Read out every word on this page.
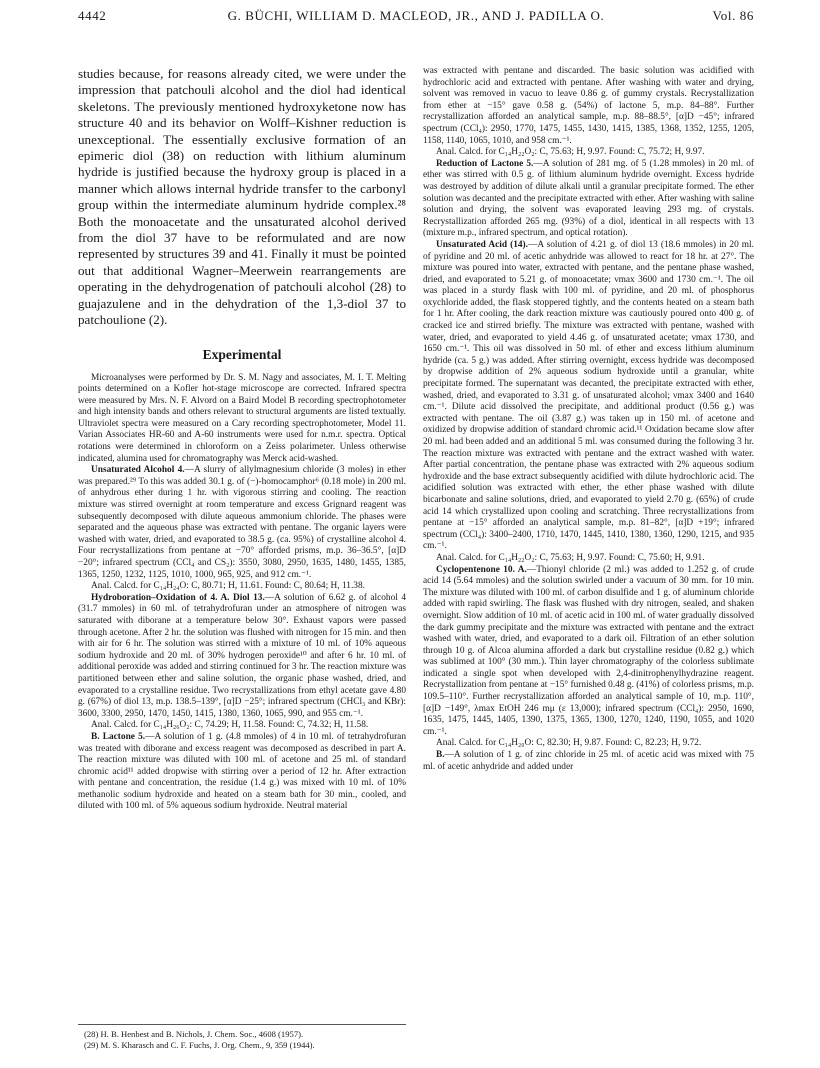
4442	G. BÜCHI, WILLIAM D. MACLEOD, JR., AND J. PADILLA O.	Vol. 86

studies because, for reasons already cited, we were under the impression that patchouli alcohol and the diol had identical skeletons. The previously mentioned hydroxyketone now has structure 40 and its behavior on Wolff–Kishner reduction is unexceptional. The essentially exclusive formation of an epimeric diol (38) on reduction with lithium aluminum hydride is justified because the hydroxy group is placed in a manner which allows internal hydride transfer to the carbonyl group within the intermediate aluminum hydride complex.²⁸ Both the monoacetate and the unsaturated alcohol derived from the diol 37 have to be reformulated and are now represented by structures 39 and 41. Finally it must be pointed out that additional Wagner–Meerwein rearrangements are operating in the dehydrogenation of patchouli alcohol (28) to guajazulene and in the dehydration of the 1,3-diol 37 to patchoulione (2).

Experimental

Microanalyses were performed by Dr. S. M. Nagy and associates, M. I. T. Melting points determined on a Kofler hot-stage microscope are corrected. Infrared spectra were measured by Mrs. N. F. Alvord on a Baird Model B recording spectrophotometer and high intensity bands and others relevant to structural arguments are listed textually. Ultraviolet spectra were measured on a Cary recording spectrophotometer, Model 11. Varian Associates HR-60 and A-60 instruments were used for n.m.r. spectra. Optical rotations were determined in chloroform on a Zeiss polarimeter. Unless otherwise indicated, alumina used for chromatography was Merck acid-washed.

Unsaturated Alcohol 4.—A slurry of allylmagnesium chloride (3 moles) in ether was prepared.²⁹ To this was added 30.1 g. of (−)-homocamphor⁶ (0.18 mole) in 200 ml. of anhydrous ether during 1 hr. with vigorous stirring and cooling. The reaction mixture was stirred overnight at room temperature and excess Grignard reagent was subsequently decomposed with dilute aqueous ammonium chloride. The phases were separated and the aqueous phase was extracted with pentane. The organic layers were washed with water, dried, and evaporated to 38.5 g. (ca. 95%) of crystalline alcohol 4. Four recrystallizations from pentane at −70° afforded prisms, m.p. 36–36.5°, [α]D −20°; infrared spectrum (CCl₄ and CS₂): 3550, 3080, 2950, 1635, 1480, 1455, 1385, 1365, 1250, 1232, 1125, 1010, 1000, 965, 925, and 912 cm.⁻¹.

Anal. Calcd. for C₁₄H₂₄O: C, 80.71; H, 11.61. Found: C, 80.64; H, 11.38.

Hydroboration–Oxidation of 4. A. Diol 13.—A solution of 6.62 g. of alcohol 4 (31.7 mmoles) in 60 ml. of tetrahydrofuran under an atmosphere of nitrogen was saturated with diborane at a temperature below 30°. Exhaust vapors were passed through acetone. After 2 hr. the solution was flushed with nitrogen for 15 min. and then with air for 6 hr. The solution was stirred with a mixture of 10 ml. of 10% aqueous sodium hydroxide and 20 ml. of 30% hydrogen peroxide¹⁰ and after 6 hr. 10 ml. of additional peroxide was added and stirring continued for 3 hr. The reaction mixture was partitioned between ether and saline solution, the organic phase washed, dried, and evaporated to a crystalline residue. Two recrystallizations from ethyl acetate gave 4.80 g. (67%) of diol 13, m.p. 138.5–139°, [α]D −25°; infrared spectrum (CHCl₃ and KBr): 3600, 3300, 2950, 1470, 1450, 1415, 1380, 1360, 1065, 990, and 955 cm.⁻¹.

Anal. Calcd. for C₁₄H₂₆O₂: C, 74.29; H, 11.58. Found: C, 74.32; H, 11.58.

B. Lactone 5.—A solution of 1 g. (4.8 mmoles) of 4 in 10 ml. of tetrahydrofuran was treated with diborane and excess reagent was decomposed as described in part A. The reaction mixture was diluted with 100 ml. of acetone and 25 ml. of standard chromic acid¹¹ added dropwise with stirring over a period of 12 hr. After extraction with pentane and concentration, the residue (1.4 g.) was mixed with 10 ml. of 10% methanolic sodium hydroxide and heated on a steam bath for 30 min., cooled, and diluted with 100 ml. of 5% aqueous sodium hydroxide. Neutral material

(28) H. B. Henbest and B. Nichols, J. Chem. Soc., 4608 (1957).

(29) M. S. Kharasch and C. F. Fuchs, J. Org. Chem., 9, 359 (1944).

was extracted with pentane and discarded. The basic solution was acidified with hydrochloric acid and extracted with pentane. After washing with water and drying, solvent was removed in vacuo to leave 0.86 g. of gummy crystals. Recrystallization from ether at −15° gave 0.58 g. (54%) of lactone 5, m.p. 84–88°. Further recrystallization afforded an analytical sample, m.p. 88–88.5°, [α]D −45°; infrared spectrum (CCl₄): 2950, 1770, 1475, 1455, 1430, 1415, 1385, 1368, 1352, 1255, 1205, 1158, 1140, 1065, 1010, and 958 cm.⁻¹.

Anal. Calcd. for C₁₄H₂₂O₂: C, 75.63; H, 9.97. Found: C, 75.72; H, 9.97.

Reduction of Lactone 5.—A solution of 281 mg. of 5 (1.28 mmoles) in 20 ml. of ether was stirred with 0.5 g. of lithium aluminum hydride overnight. Excess hydride was destroyed by addition of dilute alkali until a granular precipitate formed. The ether solution was decanted and the precipitate extracted with ether. After washing with saline solution and drying, the solvent was evaporated leaving 293 mg. of crystals. Recrystallization afforded 265 mg. (93%) of a diol, identical in all respects with 13 (mixture m.p., infrared spectrum, and optical rotation).

Unsaturated Acid (14).—A solution of 4.21 g. of diol 13 (18.6 mmoles) in 20 ml. of pyridine and 20 ml. of acetic anhydride was allowed to react for 18 hr. at 27°. The mixture was poured into water, extracted with pentane, and the pentane phase washed, dried, and evaporated to 5.21 g. of monoacetate; νmax 3600 and 1730 cm.⁻¹. The oil was placed in a sturdy flask with 100 ml. of pyridine, and 20 ml. of phosphorus oxychloride added, the flask stoppered tightly, and the contents heated on a steam bath for 1 hr. After cooling, the dark reaction mixture was cautiously poured onto 400 g. of cracked ice and stirred briefly. The mixture was extracted with pentane, washed with water, dried, and evaporated to yield 4.46 g. of unsaturated acetate; νmax 1730, and 1650 cm.⁻¹. This oil was dissolved in 50 ml. of ether and excess lithium aluminum hydride (ca. 5 g.) was added. After stirring overnight, excess hydride was decomposed by dropwise addition of 2% aqueous sodium hydroxide until a granular, white precipitate formed. The supernatant was decanted, the precipitate extracted with ether, washed, dried, and evaporated to 3.31 g. of unsaturated alcohol; νmax 3400 and 1640 cm.⁻¹. Dilute acid dissolved the precipitate, and additional product (0.56 g.) was extracted with pentane. The oil (3.87 g.) was taken up in 150 ml. of acetone and oxidized by dropwise addition of standard chromic acid.¹¹ Oxidation became slow after 20 ml. had been added and an additional 5 ml. was consumed during the following 3 hr. The reaction mixture was extracted with pentane and the extract washed with water. After partial concentration, the pentane phase was extracted with 2% aqueous sodium hydroxide and the base extract subsequently acidified with dilute hydrochloric acid. The acidified solution was extracted with ether, the ether phase washed with dilute bicarbonate and saline solutions, dried, and evaporated to yield 2.70 g. (65%) of crude acid 14 which crystallized upon cooling and scratching. Three recrystallizations from pentane at −15° afforded an analytical sample, m.p. 81–82°, [α]D +19°; infrared spectrum (CCl₄): 3400–2400, 1710, 1470, 1445, 1410, 1380, 1360, 1290, 1215, and 935 cm.⁻¹.

Anal. Calcd. for C₁₄H₂₂O₂: C, 75.63; H, 9.97. Found: C, 75.60; H, 9.91.

Cyclopentenone 10. A.—Thionyl chloride (2 ml.) was added to 1.252 g. of crude acid 14 (5.64 mmoles) and the solution swirled under a vacuum of 30 mm. for 10 min. The mixture was diluted with 100 ml. of carbon disulfide and 1 g. of aluminum chloride added with rapid swirling. The flask was flushed with dry nitrogen, sealed, and shaken overnight. Slow addition of 10 ml. of acetic acid in 100 ml. of water gradually dissolved the dark gummy precipitate and the mixture was extracted with pentane and the extract washed with water, dried, and evaporated to a dark oil. Filtration of an ether solution through 10 g. of Alcoa alumina afforded a dark but crystalline residue (0.82 g.) which was sublimed at 100° (30 mm.). Thin layer chromatography of the colorless sublimate indicated a single spot when developed with 2,4-dinitrophenylhydrazine reagent. Recrystallization from pentane at −15° furnished 0.48 g. (41%) of colorless prisms, m.p. 109.5–110°. Further recrystallization afforded an analytical sample of 10, m.p. 110°, [α]D −149°, λmax EtOH 246 mμ (ε 13,000); infrared spectrum (CCl₄): 2950, 1690, 1635, 1475, 1445, 1405, 1390, 1375, 1365, 1300, 1270, 1240, 1190, 1055, and 1020 cm.⁻¹.

Anal. Calcd. for C₁₄H₂₀O: C, 82.30; H, 9.87. Found: C, 82.23; H, 9.72.

B.—A solution of 1 g. of zinc chloride in 25 ml. of acetic acid was mixed with 75 ml. of acetic anhydride and added under
